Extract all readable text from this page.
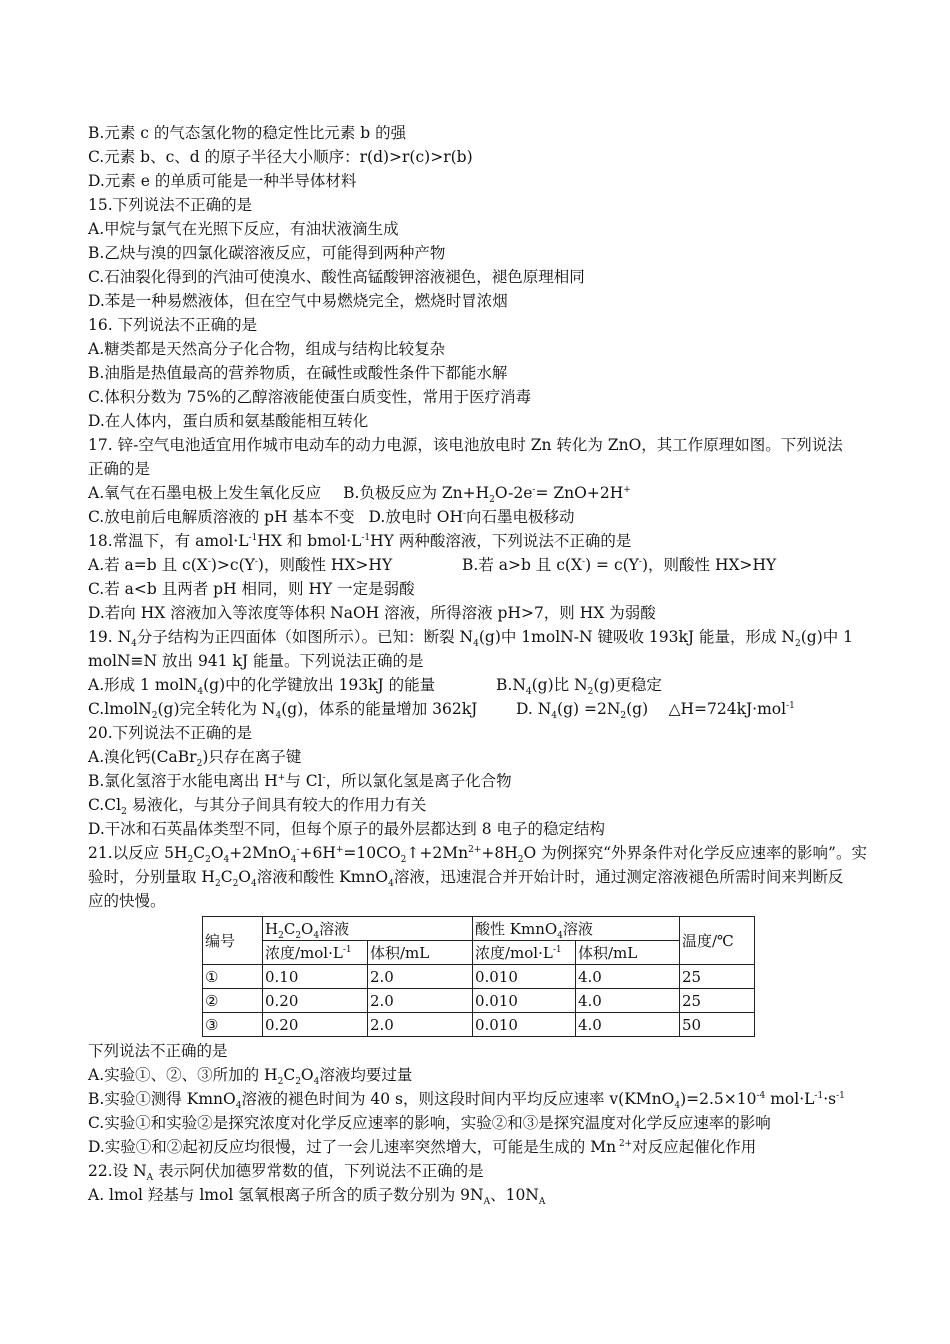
B.元素 c 的气态氢化物的稳定性比元素 b 的强
C.元素 b、c、d 的原子半径大小顺序：r(d)>r(c)>r(b)
D.元素 e 的单质可能是一种半导体材料
15.下列说法不正确的是
A.甲烷与氯气在光照下反应，有油状液滴生成
B.乙炔与溴的四氯化碳溶液反应，可能得到两种产物
C.石油裂化得到的汽油可使溴水、酸性高锰酸钾溶液褪色，褪色原理相同
D.苯是一种易燃液体，但在空气中易燃烧完全，燃烧时冒浓烟
16. 下列说法不正确的是
A.糖类都是天然高分子化合物，组成与结构比较复杂
B.油脂是热值最高的营养物质，在碱性或酸性条件下都能水解
C.体积分数为 75%的乙醇溶液能使蛋白质变性，常用于医疗消毒
D.在人体内，蛋白质和氨基酸能相互转化
17. 锌-空气电池适宜用作城市电动车的动力电源，该电池放电时 Zn 转化为 ZnO，其工作原理如图。下列说法
正确的是
A.氧气在石墨电极上发生氧化反应 B.负极反应为 $Zn+H_2O-2e^-= ZnO+2H^+$
C.放电前后电解质溶液的 pH 基本不变 D.放电时 OH-向石墨电极移动
18.常温下，有 $amol\cdot L^{-1}HX$ 和 $bmol\cdot L^{-1}HY$ 两种酸溶液，下列说法不正确的是
A.若 a=b 且 c(X-)>c(Y-)，则酸性 HX>HY	B.若 a>b 且 c(X-) = c(Y-)，则酸性 HX>HY
C.若 a<b 且两者 pH 相同，则 HY 一定是弱酸
D.若向 HX 溶液加入等浓度等体积 NaOH 溶液，所得溶液 pH>7，则 HX 为弱酸
19. $N_4$分子结构为正四面体（如图所示）。已知：断裂 $N_4(g)$中 1molN-N 键吸收 193kJ 能量，形成 $N_2(g)$中 1
molN≡N 放出 941 kJ 能量。下列说法正确的是
A.形成 1 molN$_4$(g)中的化学键放出 193kJ 的能量	$B.N_4(g)$比 $N_2(g)$更稳定
C.lmolN$_2$(g)完全转化为 $N_4(g)$，体系的能量增加 362kJ D. $N_4(g) =2N_2(g)$　 △H=724kJ·mol$^{-1}$
20.下列说法不正确的是
A.溴化钙(CaBr$_2$)只存在离子键
B.氯化氢溶于水能电离出 H+与 Cl-，所以氯化氢是离子化合物
$C.Cl_2$ 易液化，与其分子间具有较大的作用力有关
D.干冰和石英晶体类型不同，但每个原子的最外层都达到 8 电子的稳定结构
21.以反应 $5H_2C_2O_4+2MnO_4^-+6H^+=10CO_2↑+2Mn^{2+}+8H_2O$ 为例探究“外界条件对化学反应速率的影响”。实
验时，分别量取 $H_2C_2O_4$溶液和酸性 KmnO$_4$溶液，迅速混合并开始计时，通过测定溶液褪色所需时间来判断反
应的快慢。
编号	$H_2C_2O_4$溶液		酸性 KmnO$_4$溶液		温度/℃
	浓度$/mol\cdot L^{-1}$	体积/mL	浓度$/mol\cdot L^{-1}$	体积/mL	
①	0.10	2.0	0.010	4.0	25
②	0.20	2.0	0.010	4.0	25
③	0.20	2.0	0.010	4.0	50
下列说法不正确的是
A.实验①、②、③所加的 $H_2C_2O_4$溶液均要过量
B.实验①测得 KmnO$_4$溶液的褪色时间为 40 s，则这段时间内平均反应速率 $v(KMnO_4)=2.5\times 10^{-4}$ $mol\cdot L^{-1}\cdot s^{-1}$
C.实验①和实验②是探究浓度对化学反应速率的影响，实验②和③是探究温度对化学反应速率的影响
D.实验①和②起初反应均很慢，过了一会儿速率突然增大，可能是生成的 Mn $^{2+}$对反应起催化作用
22.设 $N_A$ 表示阿伏加德罗常数的值，下列说法不正确的是
A. lmol 羟基与 lmol 氢氧根离子所含的质子数分别为 $9N_A$、$10N_A$
